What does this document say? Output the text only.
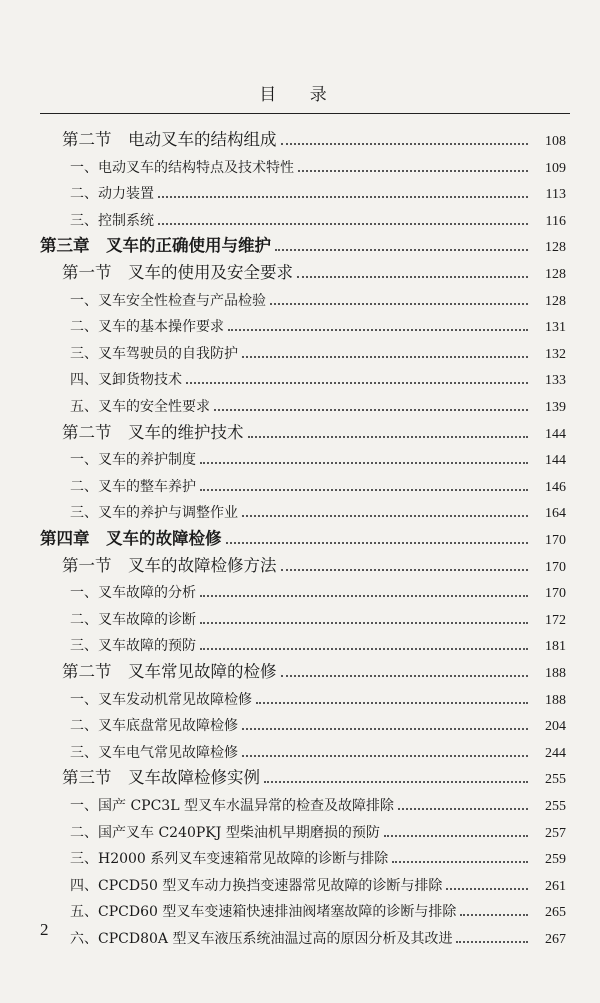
目 录
第二节　电动叉车的结构组成	108
一、电动叉车的结构特点及技术特性	109
二、动力装置	113
三、控制系统	116
第三章　叉车的正确使用与维护	128
第一节　叉车的使用及安全要求	128
一、叉车安全性检查与产品检验	128
二、叉车的基本操作要求	131
三、叉车驾驶员的自我防护	132
四、叉卸货物技术	133
五、叉车的安全性要求	139
第二节　叉车的维护技术	144
一、叉车的养护制度	144
二、叉车的整车养护	146
三、叉车的养护与调整作业	164
第四章　叉车的故障检修	170
第一节　叉车的故障检修方法	170
一、叉车故障的分析	170
二、叉车故障的诊断	172
三、叉车故障的预防	181
第二节　叉车常见故障的检修	188
一、叉车发动机常见故障检修	188
二、叉车底盘常见故障检修	204
三、叉车电气常见故障检修	244
第三节　叉车故障检修实例	255
一、国产 CPC3L 型叉车水温异常的检查及故障排除	255
二、国产叉车 C240PKJ 型柴油机早期磨损的预防	257
三、H2000 系列叉车变速箱常见故障的诊断与排除	259
四、CPCD50 型叉车动力换挡变速器常见故障的诊断与排除	261
五、CPCD60 型叉车变速箱快速排油阀堵塞故障的诊断与排除	265
六、CPCD80A 型叉车液压系统油温过高的原因分析及其改进	267
2
